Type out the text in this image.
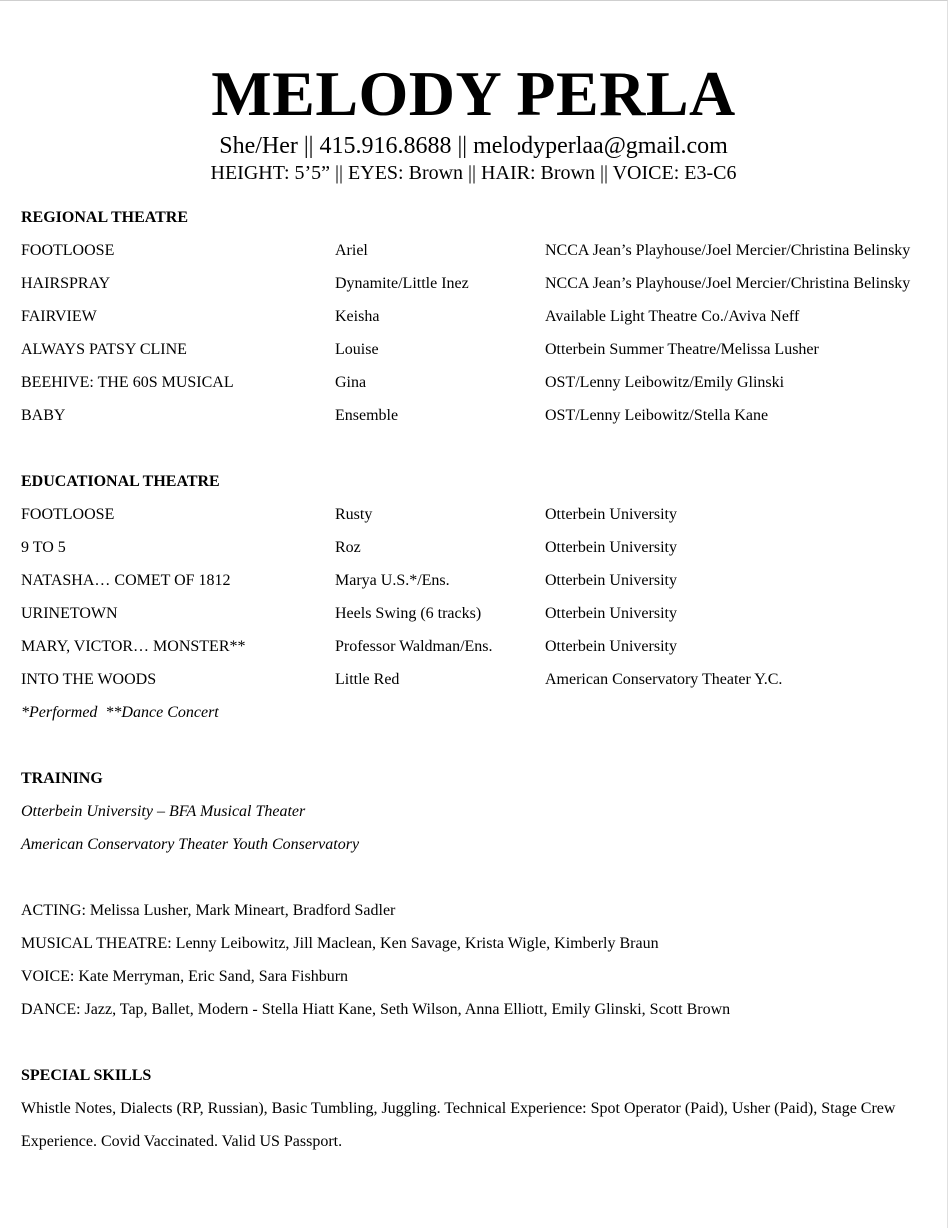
MELODY PERLA
She/Her || 415.916.8688 || melodyperlaa@gmail.com
HEIGHT: 5’5” || EYES: Brown || HAIR: Brown || VOICE: E3-C6
REGIONAL THEATRE
FOOTLOOSE	Ariel	NCCA Jean’s Playhouse/Joel Mercier/Christina Belinsky
HAIRSPRAY	Dynamite/Little Inez	NCCA Jean’s Playhouse/Joel Mercier/Christina Belinsky
FAIRVIEW	Keisha	Available Light Theatre Co./Aviva Neff
ALWAYS PATSY CLINE	Louise	Otterbein Summer Theatre/Melissa Lusher
BEEHIVE: THE 60S MUSICAL	Gina	OST/Lenny Leibowitz/Emily Glinski
BABY	Ensemble	OST/Lenny Leibowitz/Stella Kane
EDUCATIONAL THEATRE
FOOTLOOSE	Rusty	Otterbein University
9 TO 5	Roz	Otterbein University
NATASHA… COMET OF 1812	Marya U.S.*/Ens.	Otterbein University
URINETOWN	Heels Swing (6 tracks)	Otterbein University
MARY, VICTOR… MONSTER**	Professor Waldman/Ens.	Otterbein University
INTO THE WOODS	Little Red	American Conservatory Theater Y.C.
*Performed  **Dance Concert
TRAINING
Otterbein University – BFA Musical Theater
American Conservatory Theater Youth Conservatory
ACTING: Melissa Lusher, Mark Mineart, Bradford Sadler
MUSICAL THEATRE: Lenny Leibowitz, Jill Maclean, Ken Savage, Krista Wigle, Kimberly Braun
VOICE: Kate Merryman, Eric Sand, Sara Fishburn
DANCE: Jazz, Tap, Ballet, Modern - Stella Hiatt Kane, Seth Wilson, Anna Elliott, Emily Glinski, Scott Brown
SPECIAL SKILLS
Whistle Notes, Dialects (RP, Russian), Basic Tumbling, Juggling. Technical Experience: Spot Operator (Paid), Usher (Paid), Stage Crew Experience. Covid Vaccinated. Valid US Passport.
